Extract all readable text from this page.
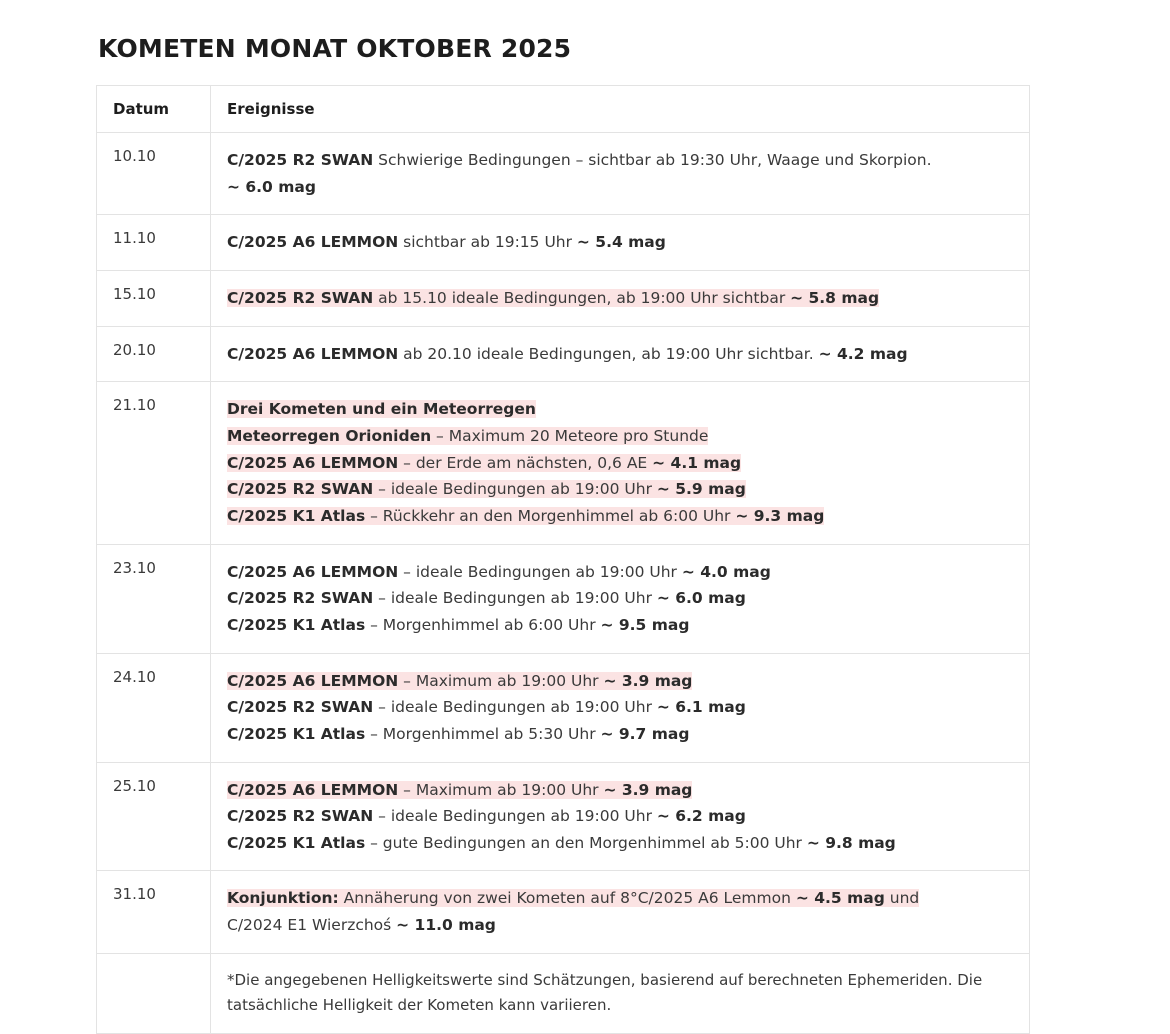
KOMETEN MONAT OKTOBER 2025
Datum	Ereignisse
10.10	C/2025 R2 SWAN Schwierige Bedingungen – sichtbar ab 19:30 Uhr, Waage und Skorpion.
~ 6.0 mag

11.10	C/2025 A6 LEMMON sichtbar ab 19:15 Uhr ~ 5.4 mag

15.10	C/2025 R2 SWAN ab 15.10 ideale Bedingungen, ab 19:00 Uhr sichtbar ~ 5.8 mag

20.10	C/2025 A6 LEMMON ab 20.10 ideale Bedingungen, ab 19:00 Uhr sichtbar. ~ 4.2 mag

21.10	Drei Kometen und ein Meteorregen
Meteorregen Orioniden – Maximum 20 Meteore pro Stunde
C/2025 A6 LEMMON – der Erde am nächsten, 0,6 AE ~ 4.1 mag
C/2025 R2 SWAN – ideale Bedingungen ab 19:00 Uhr ~ 5.9 mag
C/2025 K1 Atlas – Rückkehr an den Morgenhimmel ab 6:00 Uhr ~ 9.3 mag

23.10	C/2025 A6 LEMMON – ideale Bedingungen ab 19:00 Uhr ~ 4.0 mag
C/2025 R2 SWAN – ideale Bedingungen ab 19:00 Uhr ~ 6.0 mag
C/2025 K1 Atlas – Morgenhimmel ab 6:00 Uhr ~ 9.5 mag

24.10	C/2025 A6 LEMMON – Maximum ab 19:00 Uhr ~ 3.9 mag
C/2025 R2 SWAN – ideale Bedingungen ab 19:00 Uhr ~ 6.1 mag
C/2025 K1 Atlas – Morgenhimmel ab 5:30 Uhr ~ 9.7 mag

25.10	C/2025 A6 LEMMON – Maximum ab 19:00 Uhr ~ 3.9 mag
C/2025 R2 SWAN – ideale Bedingungen ab 19:00 Uhr ~ 6.2 mag
C/2025 K1 Atlas – gute Bedingungen an den Morgenhimmel ab 5:00 Uhr ~ 9.8 mag

31.10	Konjunktion: Annäherung von zwei Kometen auf 8°C/2025 A6 Lemmon ~ 4.5 mag und
C/2024 E1 Wierzchoś ~ 11.0 mag

	*Die angegebenen Helligkeitswerte sind Schätzungen, basierend auf berechneten Ephemeriden. Die tatsächliche Helligkeit der Kometen kann variieren.
